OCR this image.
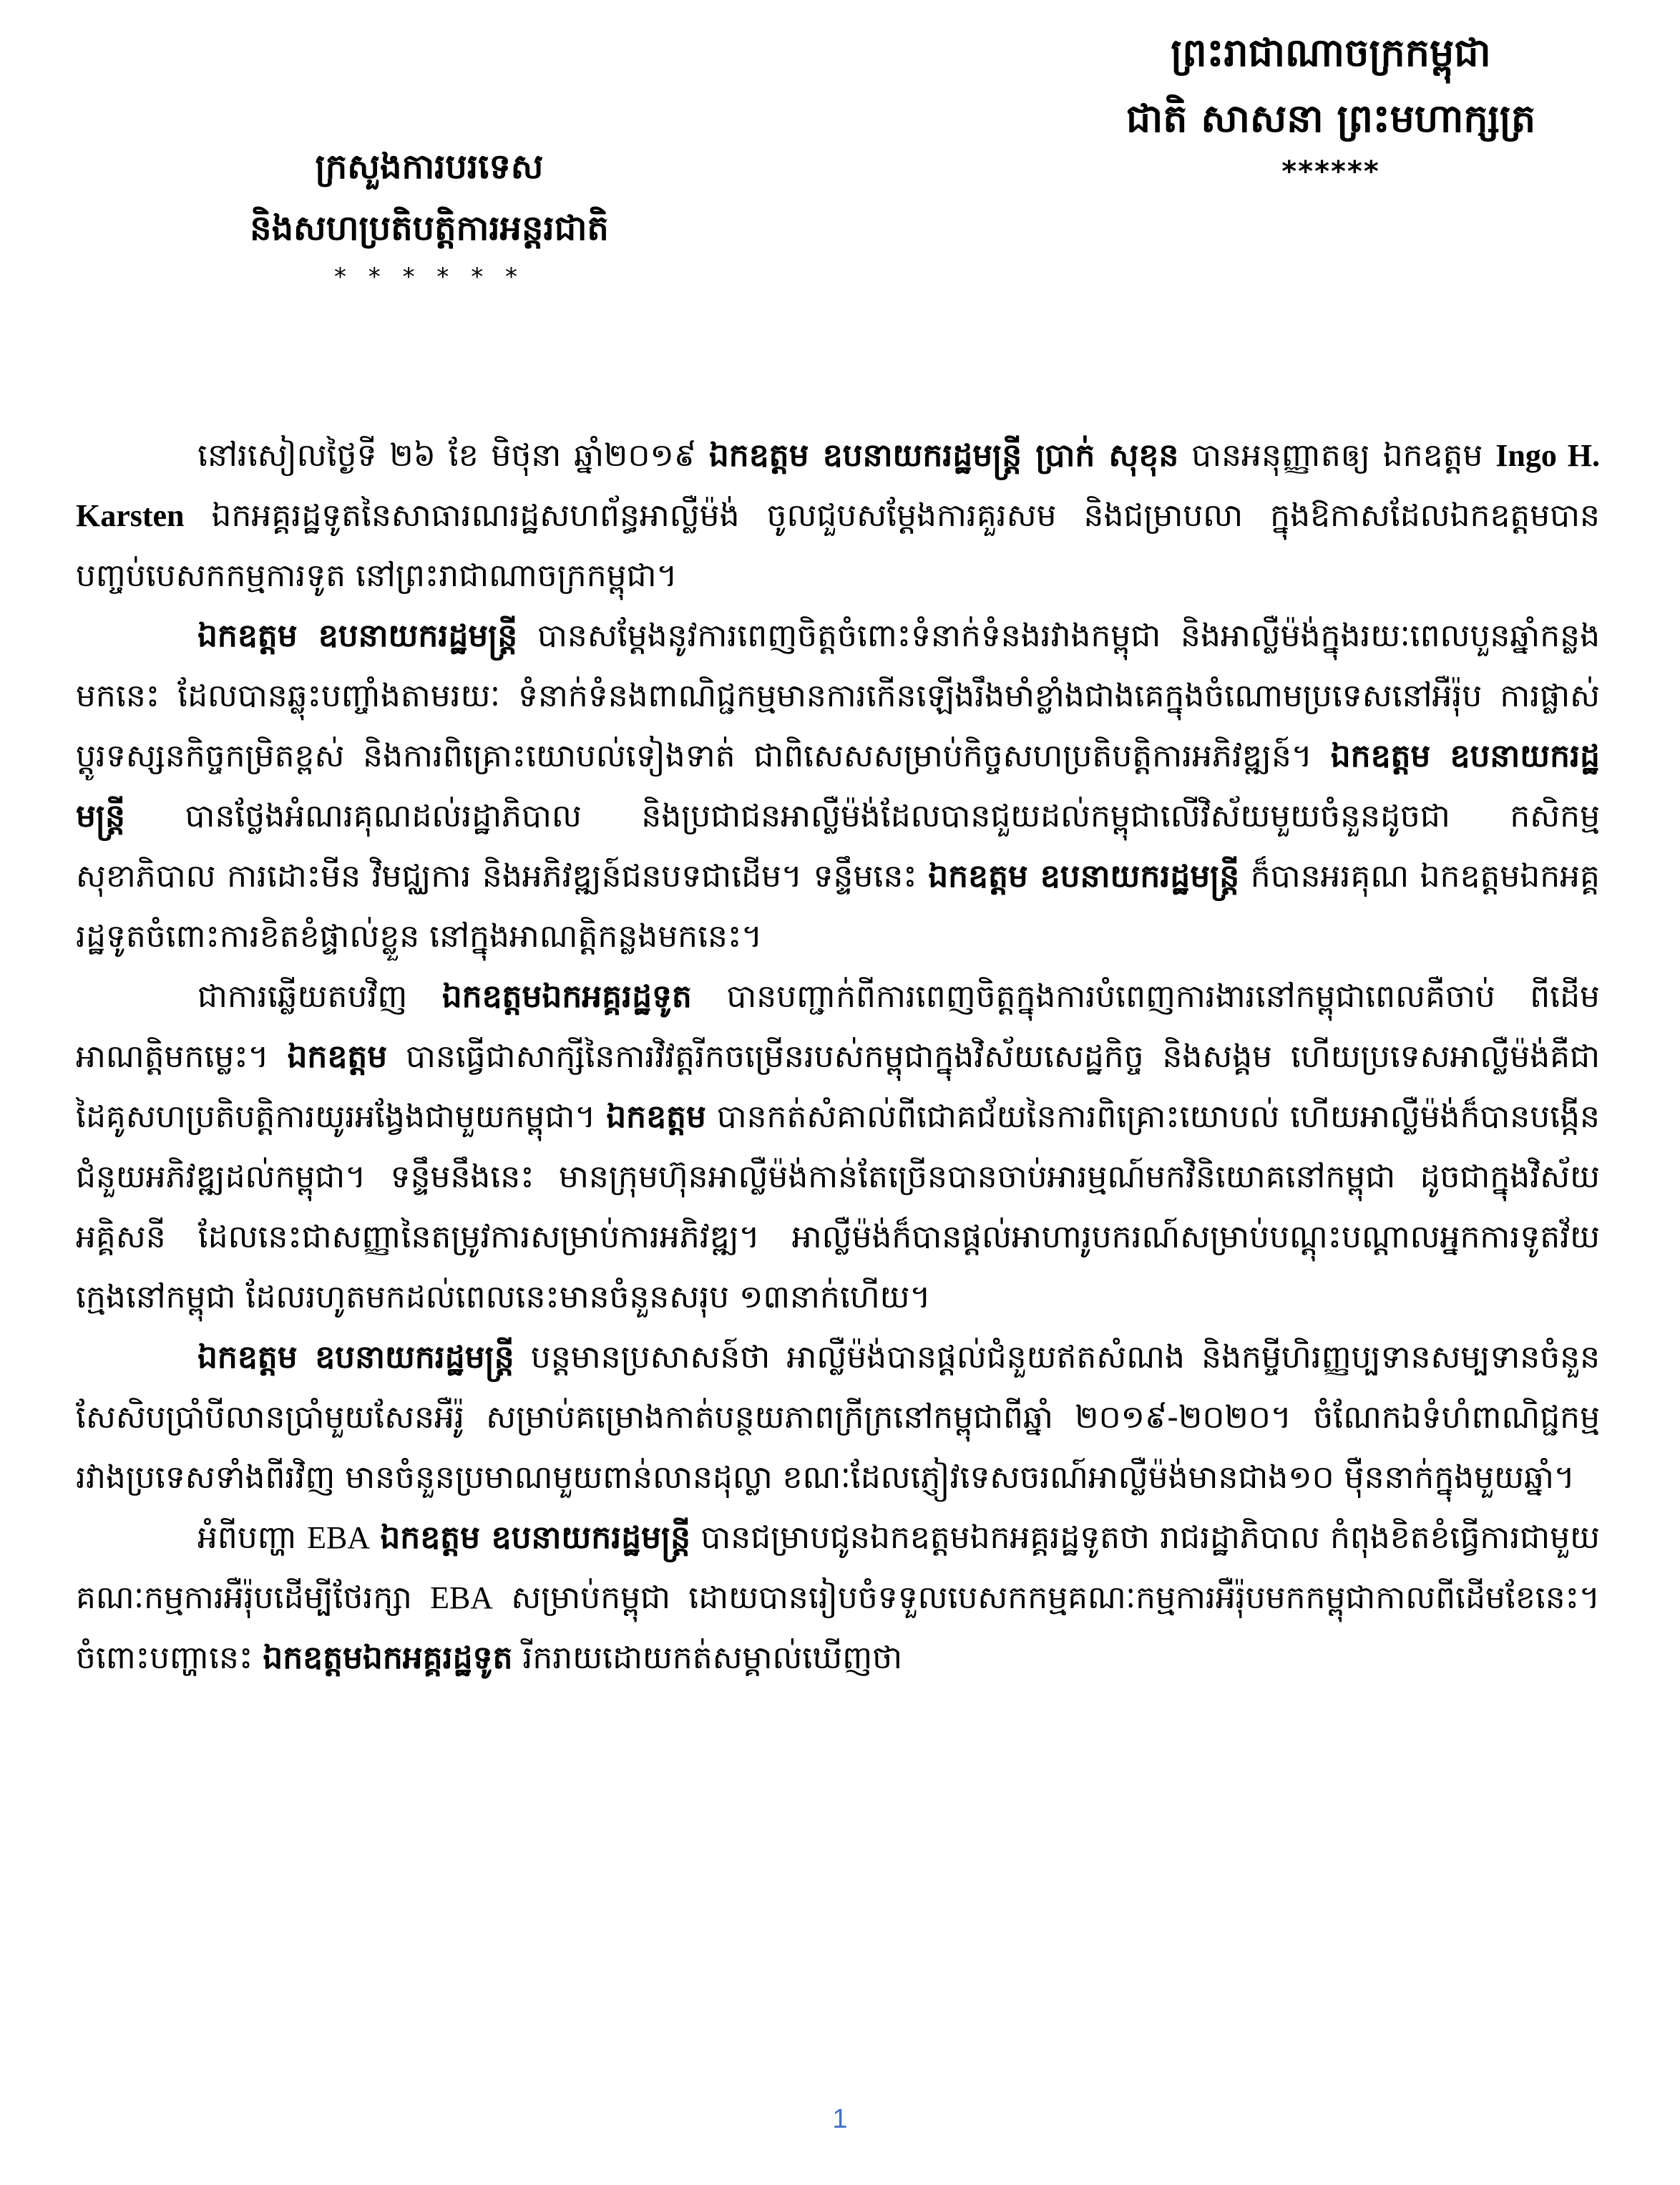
ព្រះរាជាណាចក្រកម្ពុជា
ជាតិ សាសនា ព្រះមហាក្សត្រ
******
ក្រសួងការបរទេស
និងសហប្រតិបត្តិការអន្តរជាតិ
* * * * * *

នៅរសៀលថ្ងៃទី ២៦ ខែ មិថុនា ឆ្នាំ២០១៩ ឯកឧត្តម ឧបនាយករដ្ឋមន្ត្រី ប្រាក់ សុខុន បានអនុញ្ញាតឲ្យ ឯកឧត្តម Ingo H. Karsten ឯកអគ្គរដ្ឋទូតនៃសាធារណរដ្ឋសហព័ន្ធអាល្លឺម៉ង់ ចូលជួបសម្តែងការគួរសម និងជម្រាបលា ក្នុងឱកាសដែលឯកឧត្តមបានបញ្ចប់បេសកកម្មការទូត នៅព្រះរាជាណាចក្រកម្ពុជា។

ឯកឧត្តម ឧបនាយករដ្ឋមន្ត្រី បានសម្តែងនូវការពេញចិត្តចំពោះទំនាក់ទំនងរវាងកម្ពុជា និងអាល្លឺម៉ង់ក្នុងរយៈពេលបួនឆ្នាំកន្លងមកនេះ ដែលបានឆ្លុះបញ្ចាំងតាមរយៈ ទំនាក់ទំនងពាណិជ្ជកម្មមានការកើនឡើងរឹងមាំខ្លាំងជាងគេក្នុងចំណោមប្រទេសនៅអឺរ៉ុប ការផ្លាស់ប្តូរទស្សនកិច្ចកម្រិតខ្ពស់ និងការពិគ្រោះយោបល់ទៀងទាត់ ជាពិសេសសម្រាប់កិច្ចសហប្រតិបត្តិការអភិវឌ្ឍន៍។ ឯកឧត្តម ឧបនាយករដ្ឋមន្ត្រី បានថ្លែងអំណរគុណដល់រដ្ឋាភិបាល និងប្រជាជនអាល្លឺម៉ង់ដែលបានជួយដល់កម្ពុជាលើវិស័យមួយចំនួនដូចជា កសិកម្ម សុខាភិបាល ការដោះមីន វិមជ្ឈការ និងអភិវឌ្ឍន៍ជនបទជាដើម។ ទន្ទឹមនេះ ឯកឧត្តម ឧបនាយករដ្ឋមន្ត្រី ក៏បានអរគុណ ឯកឧត្តមឯកអគ្គរដ្ឋទូតចំពោះការខិតខំផ្ទាល់ខ្លួន នៅក្នុងអាណត្តិកន្លងមកនេះ។

ជាការឆ្លើយតបវិញ ឯកឧត្តមឯកអគ្គរដ្ឋទូត បានបញ្ជាក់ពីការពេញចិត្តក្នុងការបំពេញការងារនៅកម្ពុជាពេលគឺចាប់ ពីដើមអាណត្តិមកម្លេះ។ ឯកឧត្តម បានធ្វើជាសាក្សីនៃការវិវត្តរីកចម្រើនរបស់កម្ពុជាក្នុងវិស័យសេដ្ឋកិច្ច និងសង្គម ហើយប្រទេសអាល្លឺម៉ង់គឺជាដៃគូសហប្រតិបត្តិការយូរអង្វែងជាមួយកម្ពុជា។ ឯកឧត្តម បានកត់សំគាល់ពីជោគជ័យនៃការពិគ្រោះយោបល់ ហើយអាល្លឺម៉ង់ក៏បានបង្កើនជំនួយអភិវឌ្ឍដល់កម្ពុជា។ ទន្ទឹមនឹងនេះ មានក្រុមហ៊ុនអាល្លឺម៉ង់កាន់តែច្រើនបានចាប់អារម្មណ៍មកវិនិយោគនៅកម្ពុជា ដូចជាក្នុងវិស័យអគ្គិសនី ដែលនេះជាសញ្ញានៃតម្រូវការសម្រាប់ការអភិវឌ្ឍ។ អាល្លឺម៉ង់ក៏បានផ្តល់អាហារូបករណ៍សម្រាប់បណ្តុះបណ្តាលអ្នកការទូតវ័យក្មេងនៅកម្ពុជា ដែលរហូតមកដល់ពេលនេះមានចំនួនសរុប ១៣នាក់ហើយ។

ឯកឧត្តម ឧបនាយករដ្ឋមន្ត្រី បន្តមានប្រសាសន៍ថា អាល្លឺម៉ង់បានផ្តល់ជំនួយឥតសំណង និងកម្ចីហិរញ្ញប្បទានសម្បទានចំនួនសែសិបប្រាំបីលានប្រាំមួយសែនអឺរ៉ូ សម្រាប់គម្រោងកាត់បន្ថយភាពក្រីក្រនៅកម្ពុជាពីឆ្នាំ ២០១៩-២០២០។ ចំណែកឯទំហំពាណិជ្ជកម្មរវាងប្រទេសទាំងពីរវិញ មានចំនួនប្រមាណមួយពាន់លានដុល្លា ខណៈដែលភ្ញៀវទេសចរណ៍អាល្លឺម៉ង់មានជាង១០ ម៉ឺននាក់ក្នុងមួយឆ្នាំ។

អំពីបញ្ហា EBA ឯកឧត្តម ឧបនាយករដ្ឋមន្ត្រី បានជម្រាបជូនឯកឧត្តមឯកអគ្គរដ្ឋទូតថា រាជរដ្ឋាភិបាល កំពុងខិតខំធ្វើការជាមួយគណៈកម្មការអឺរ៉ុបដើម្បីថែរក្សា EBA សម្រាប់កម្ពុជា ដោយបានរៀបចំទទួលបេសកកម្មគណៈកម្មការអឺរ៉ុបមកកម្ពុជាកាលពីដើមខែនេះ។ ចំពោះបញ្ហានេះ ឯកឧត្តមឯកអគ្គរដ្ឋទូត រីករាយដោយកត់សម្គាល់ឃើញថា

1
